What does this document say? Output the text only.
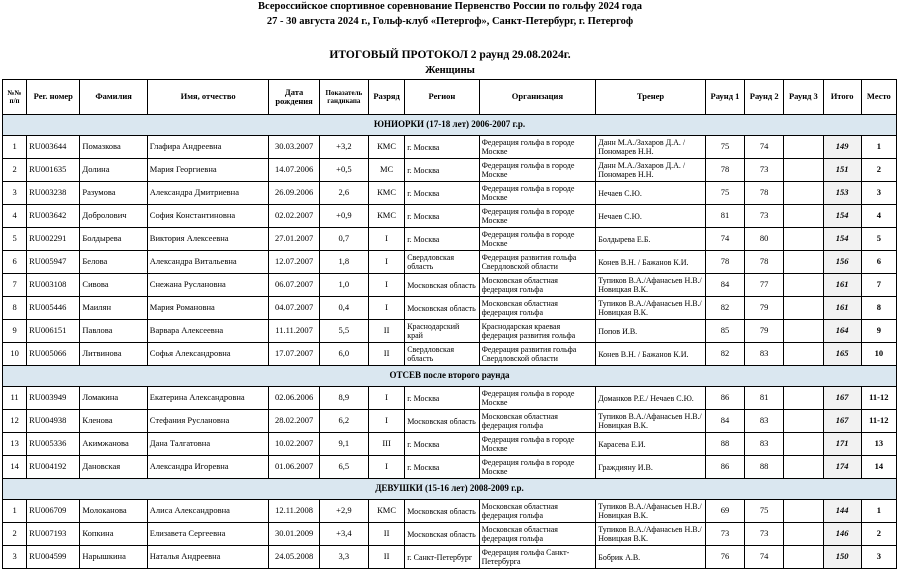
Всероссийское спортивное соревнование Первенство России по гольфу 2024 года
27 - 30 августа 2024 г., Гольф-клуб «Петергоф», Санкт-Петербург, г. Петергоф
ИТОГОВЫЙ ПРОТОКОЛ 2 раунд 29.08.2024г.
Женщины
№№ п/п	Рег. номер	Фамилия	Имя, отчество	Дата рождения	Показатель гандикапа	Разряд	Регион	Организация	Тренер	Раунд 1	Раунд 2	Раунд 3	Итого	Место
ЮНИОРКИ (17-18 лет) 2006-2007 г.р.														
1	RU003644	Помазкова	Глафира Андреевна	30.03.2007	+3,2	КМС	г. Москва	Федерация гольфа в городе Москве	Данн М.А./Захаров Д.А. /Пономарев Н.Н.	75	74		149	1
2	RU001635	Долина	Мария Георгиевна	14.07.2006	+0,5	МС	г. Москва	Федерация гольфа в городе Москве	Данн М.А./Захаров Д.А. /Пономарев Н.Н.	78	73		151	2
3	RU003238	Разумова	Александра Дмитриевна	26.09.2006	2,6	КМС	г. Москва	Федерация гольфа в городе Москве	Нечаев С.Ю.	75	78		153	3
4	RU003642	Добролович	София Константиновна	02.02.2007	+0,9	КМС	г. Москва	Федерация гольфа в городе Москве	Нечаев С.Ю.	81	73		154	4
5	RU002291	Болдырева	Виктория Алексеевна	27.01.2007	0,7	I	г. Москва	Федерация гольфа в городе Москве	Болдырева Е.Б.	74	80		154	5
6	RU005947	Белова	Александра Витальевна	12.07.2007	1,8	I	Свердловская область	Федерация развития гольфа Свердловской области	Конев В.Н. / Бажанов К.И.	78	78		156	6
7	RU003108	Сивова	Снежана Руслановна	06.07.2007	1,0	I	Московская область	Московская областная федерация гольфа	Тупиков В.А./Афанасьев Н.В./Новицкая В.К.	84	77		161	7
8	RU005446	Маилян	Мария Романовна	04.07.2007	0,4	I	Московская область	Московская областная федерация гольфа	Тупиков В.А./Афанасьев Н.В./Новицкая В.К.	82	79		161	8
9	RU006151	Павлова	Варвара Алексеевна	11.11.2007	5,5	II	Краснодарский край	Краснодарская краевая федерация развития гольфа	Попов И.В.	85	79		164	9
10	RU005066	Литвинова	Софья Александровна	17.07.2007	6,0	II	Свердловская область	Федерация развития гольфа Свердловской области	Конев В.Н. / Бажанов К.И.	82	83		165	10
ОТСЕВ после второго раунда														
11	RU003949	Ломакина	Екатерина Александровна	02.06.2006	8,9	I	г. Москва	Федерация гольфа в городе Москве	Доманков Р.Е./ Нечаев С.Ю.	86	81		167	11-12
12	RU004938	Кленова	Стефания Руслановна	28.02.2007	6,2	I	Московская область	Московская областная федерация гольфа	Тупиков В.А./Афанасьев Н.В./Новицкая В.К.	84	83		167	11-12
13	RU005336	Акимжанова	Дана Талгатовна	10.02.2007	9,1	III	г. Москва	Федерация гольфа в городе Москве	Карасева Е.И.	88	83		171	13
14	RU004192	Дановская	Александра Игоревна	01.06.2007	6,5	I	г. Москва	Федерация гольфа в городе Москве	Граждияну И.В.	86	88		174	14
ДЕВУШКИ (15-16 лет) 2008-2009 г.р.														
1	RU006709	Молоканова	Алиса Александровна	12.11.2008	+2,9	КМС	Московская область	Московская областная федерация гольфа	Тупиков В.А./Афанасьев Н.В./ Новицкая В.К.	69	75		144	1
2	RU007193	Копкина	Елизавета Сергеевна	30.01.2009	+3,4	II	Московская область	Московская областная федерация гольфа	Тупиков В.А./Афанасьев Н.В./ Новицкая В.К.	73	73		146	2
3	RU004599	Нарышкина	Наталья Андреевна	24.05.2008	3,3	II	г. Санкт-Петербург	Федерация гольфа Санкт-Петербурга	Бобрик А.В.	76	74		150	3
